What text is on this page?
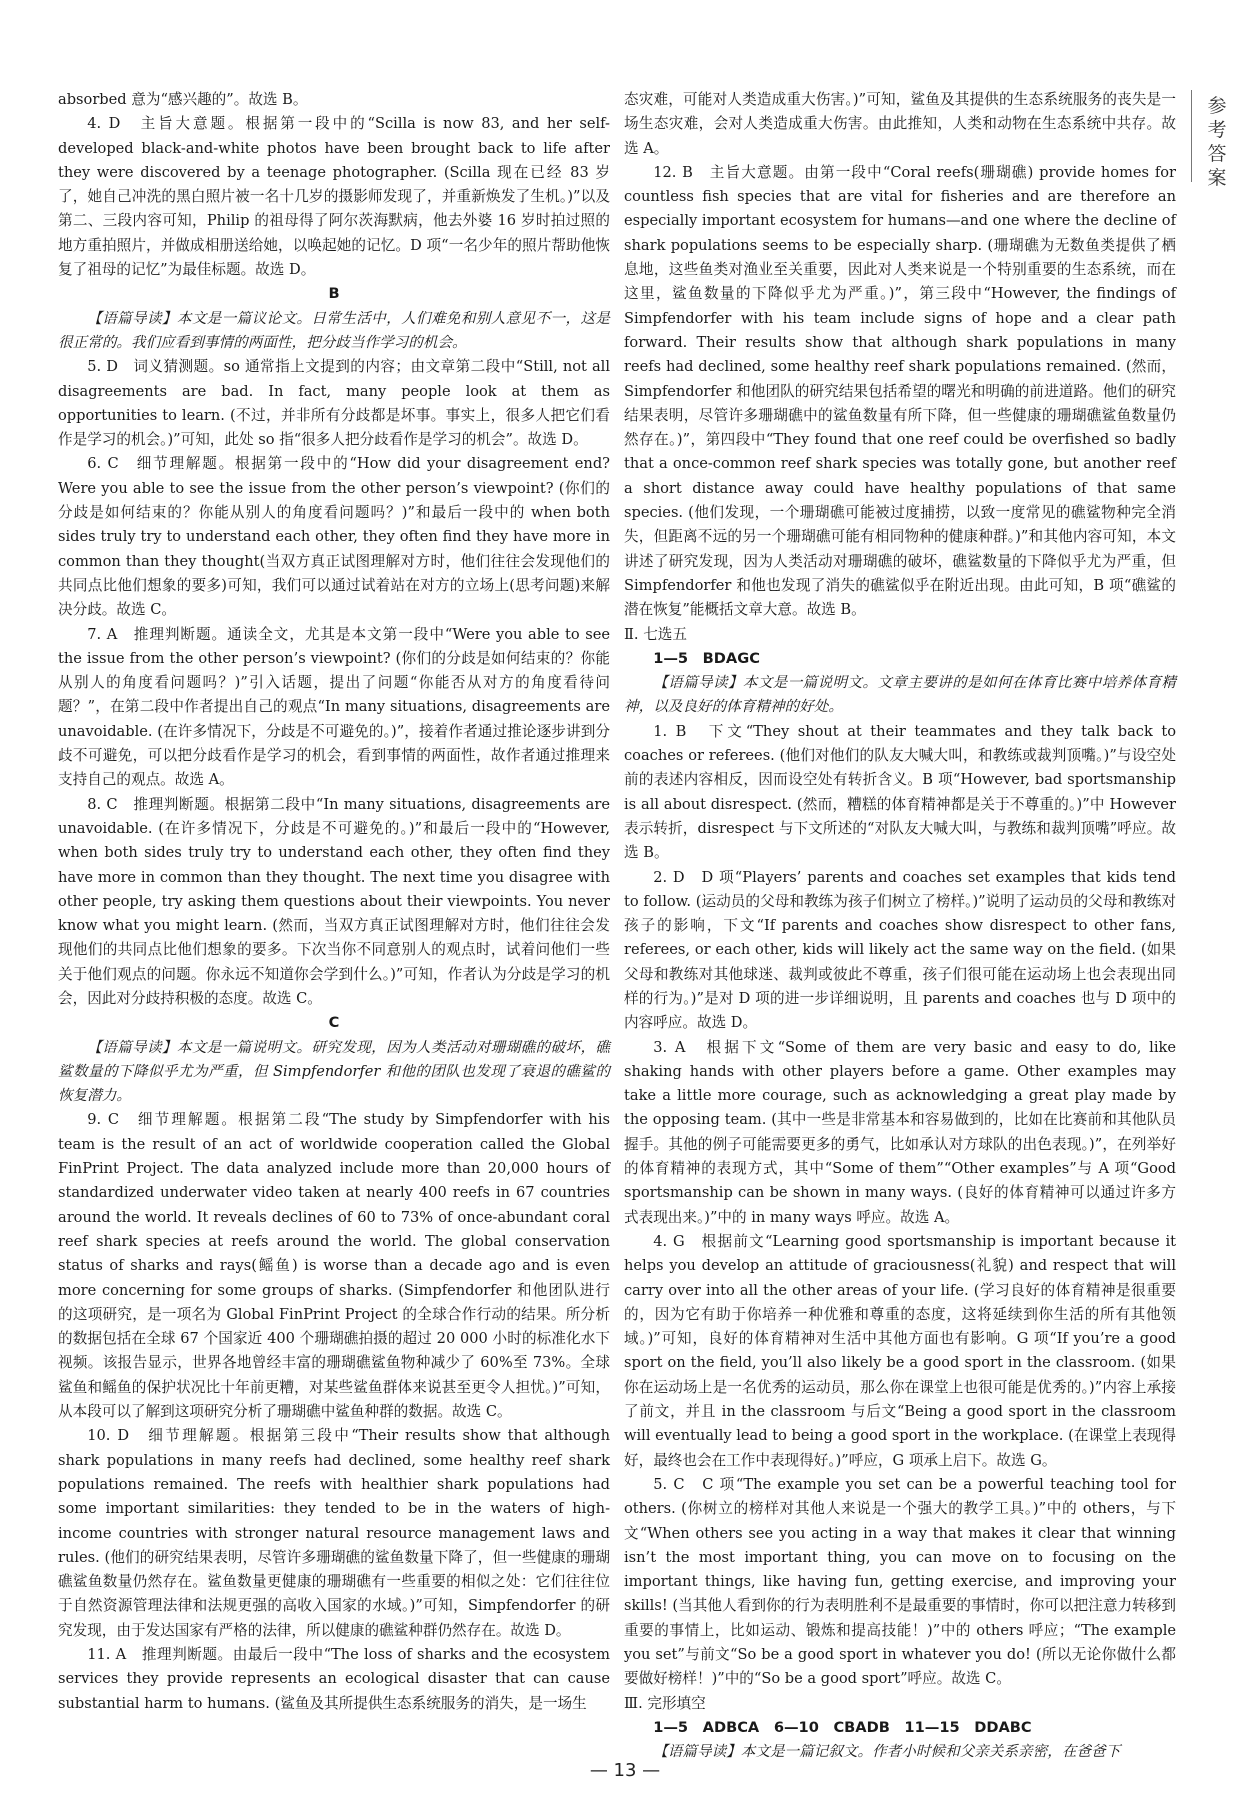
参考答案

absorbed 意为“感兴趣的”。故选 B。

4. D　主旨大意题。根据第一段中的“Scilla is now 83, and her self-developed black-and-white photos have been brought back to life after they were discovered by a teenage photographer. (Scilla 现在已经 83 岁了，她自己冲洗的黑白照片被一名十几岁的摄影师发现了，并重新焕发了生机。)”以及第二、三段内容可知，Philip 的祖母得了阿尔茨海默病，他去外婆 16 岁时拍过照的地方重拍照片，并做成相册送给她，以唤起她的记忆。D 项“一名少年的照片帮助他恢复了祖母的记忆”为最佳标题。故选 D。

B

【语篇导读】本文是一篇议论文。日常生活中，人们难免和别人意见不一，这是很正常的。我们应看到事情的两面性，把分歧当作学习的机会。

5. D　词义猜测题。so 通常指上文提到的内容；由文章第二段中“Still, not all disagreements are bad. In fact, many people look at them as opportunities to learn. (不过，并非所有分歧都是坏事。事实上，很多人把它们看作是学习的机会。)”可知，此处 so 指“很多人把分歧看作是学习的机会”。故选 D。

6. C　细节理解题。根据第一段中的“How did your disagreement end? Were you able to see the issue from the other person’s viewpoint? (你们的分歧是如何结束的？你能从别人的角度看问题吗？)”和最后一段中的 when both sides truly try to understand each other, they often find they have more in common than they thought(当双方真正试图理解对方时，他们往往会发现他们的共同点比他们想象的要多)可知，我们可以通过试着站在对方的立场上(思考问题)来解决分歧。故选 C。

7. A　推理判断题。通读全文，尤其是本文第一段中“Were you able to see the issue from the other person’s viewpoint? (你们的分歧是如何结束的？你能从别人的角度看问题吗？)”引入话题，提出了问题“你能否从对方的角度看待问题？”，在第二段中作者提出自己的观点“In many situations, disagreements are unavoidable. (在许多情况下，分歧是不可避免的。)”，接着作者通过推论逐步讲到分歧不可避免，可以把分歧看作是学习的机会，看到事情的两面性，故作者通过推理来支持自己的观点。故选 A。

8. C　推理判断题。根据第二段中“In many situations, disagreements are unavoidable. (在许多情况下，分歧是不可避免的。)”和最后一段中的“However, when both sides truly try to understand each other, they often find they have more in common than they thought. The next time you disagree with other people, try asking them questions about their viewpoints. You never know what you might learn. (然而，当双方真正试图理解对方时，他们往往会发现他们的共同点比他们想象的要多。下次当你不同意别人的观点时，试着问他们一些关于他们观点的问题。你永远不知道你会学到什么。)”可知，作者认为分歧是学习的机会，因此对分歧持积极的态度。故选 C。

C

【语篇导读】本文是一篇说明文。研究发现，因为人类活动对珊瑚礁的破坏，礁鲨数量的下降似乎尤为严重，但 Simpfendorfer 和他的团队也发现了衰退的礁鲨的恢复潜力。

9. C　细节理解题。根据第二段“The study by Simpfendorfer with his team is the result of an act of worldwide cooperation called the Global FinPrint Project. The data analyzed include more than 20,000 hours of standardized underwater video taken at nearly 400 reefs in 67 countries around the world. It reveals declines of 60 to 73% of once-abundant coral reef shark species at reefs around the world. The global conservation status of sharks and rays(鳐鱼) is worse than a decade ago and is even more concerning for some groups of sharks. (Simpfendorfer 和他团队进行的这项研究，是一项名为 Global FinPrint Project 的全球合作行动的结果。所分析的数据包括在全球 67 个国家近 400 个珊瑚礁拍摄的超过 20 000 小时的标准化水下视频。该报告显示，世界各地曾经丰富的珊瑚礁鲨鱼物种减少了 60%至 73%。全球鲨鱼和鳐鱼的保护状况比十年前更糟，对某些鲨鱼群体来说甚至更令人担忧。)”可知，从本段可以了解到这项研究分析了珊瑚礁中鲨鱼种群的数据。故选 C。

10. D　细节理解题。根据第三段中“Their results show that although shark populations in many reefs had declined, some healthy reef shark populations remained. The reefs with healthier shark populations had some important similarities: they tended to be in the waters of high-income countries with stronger natural resource management laws and rules. (他们的研究结果表明，尽管许多珊瑚礁的鲨鱼数量下降了，但一些健康的珊瑚礁鲨鱼数量仍然存在。鲨鱼数量更健康的珊瑚礁有一些重要的相似之处：它们往往位于自然资源管理法律和法规更强的高收入国家的水域。)”可知，Simpfendorfer 的研究发现，由于发达国家有严格的法律，所以健康的礁鲨种群仍然存在。故选 D。

11. A　推理判断题。由最后一段中“The loss of sharks and the ecosystem services they provide represents an ecological disaster that can cause substantial harm to humans. (鲨鱼及其所提供生态系统服务的消失，是一场生

态灾难，可能对人类造成重大伤害。)”可知，鲨鱼及其提供的生态系统服务的丧失是一场生态灾难，会对人类造成重大伤害。由此推知，人类和动物在生态系统中共存。故选 A。

12. B　主旨大意题。由第一段中“Coral reefs(珊瑚礁) provide homes for countless fish species that are vital for fisheries and are therefore an especially important ecosystem for humans—and one where the decline of shark populations seems to be especially sharp. (珊瑚礁为无数鱼类提供了栖息地，这些鱼类对渔业至关重要，因此对人类来说是一个特别重要的生态系统，而在这里，鲨鱼数量的下降似乎尤为严重。)”，第三段中“However, the findings of Simpfendorfer with his team include signs of hope and a clear path forward. Their results show that although shark populations in many reefs had declined, some healthy reef shark populations remained. (然而，Simpfendorfer 和他团队的研究结果包括希望的曙光和明确的前进道路。他们的研究结果表明，尽管许多珊瑚礁中的鲨鱼数量有所下降，但一些健康的珊瑚礁鲨鱼数量仍然存在。)”，第四段中“They found that one reef could be overfished so badly that a once-common reef shark species was totally gone, but another reef a short distance away could have healthy populations of that same species. (他们发现，一个珊瑚礁可能被过度捕捞，以致一度常见的礁鲨物种完全消失，但距离不远的另一个珊瑚礁可能有相同物种的健康种群。)”和其他内容可知，本文讲述了研究发现，因为人类活动对珊瑚礁的破坏，礁鲨数量的下降似乎尤为严重，但 Simpfendorfer 和他也发现了消失的礁鲨似乎在附近出现。由此可知，B 项“礁鲨的潜在恢复”能概括文章大意。故选 B。

Ⅱ. 七选五

1—5　BDAGC

【语篇导读】本文是一篇说明文。文章主要讲的是如何在体育比赛中培养体育精神，以及良好的体育精神的好处。

1. B　下文“They shout at their teammates and they talk back to coaches or referees. (他们对他们的队友大喊大叫，和教练或裁判顶嘴。)”与设空处前的表述内容相反，因而设空处有转折含义。B 项“However, bad sportsmanship is all about disrespect. (然而，糟糕的体育精神都是关于不尊重的。)”中 However 表示转折，disrespect 与下文所述的“对队友大喊大叫，与教练和裁判顶嘴”呼应。故选 B。

2. D　D 项“Players’ parents and coaches set examples that kids tend to follow. (运动员的父母和教练为孩子们树立了榜样。)”说明了运动员的父母和教练对孩子的影响，下文“If parents and coaches show disrespect to other fans, referees, or each other, kids will likely act the same way on the field. (如果父母和教练对其他球迷、裁判或彼此不尊重，孩子们很可能在运动场上也会表现出同样的行为。)”是对 D 项的进一步详细说明，且 parents and coaches 也与 D 项中的内容呼应。故选 D。

3. A　根据下文“Some of them are very basic and easy to do, like shaking hands with other players before a game. Other examples may take a little more courage, such as acknowledging a great play made by the opposing team. (其中一些是非常基本和容易做到的，比如在比赛前和其他队员握手。其他的例子可能需要更多的勇气，比如承认对方球队的出色表现。)”，在列举好的体育精神的表现方式，其中“Some of them”“Other examples”与 A 项“Good sportsmanship can be shown in many ways. (良好的体育精神可以通过许多方式表现出来。)”中的 in many ways 呼应。故选 A。

4. G　根据前文“Learning good sportsmanship is important because it helps you develop an attitude of graciousness(礼貌) and respect that will carry over into all the other areas of your life. (学习良好的体育精神是很重要的，因为它有助于你培养一种优雅和尊重的态度，这将延续到你生活的所有其他领域。)”可知，良好的体育精神对生活中其他方面也有影响。G 项“If you’re a good sport on the field, you’ll also likely be a good sport in the classroom. (如果你在运动场上是一名优秀的运动员，那么你在课堂上也很可能是优秀的。)”内容上承接了前文，并且 in the classroom 与后文“Being a good sport in the classroom will eventually lead to being a good sport in the workplace. (在课堂上表现得好，最终也会在工作中表现得好。)”呼应，G 项承上启下。故选 G。

5. C　C 项“The example you set can be a powerful teaching tool for others. (你树立的榜样对其他人来说是一个强大的教学工具。)”中的 others，与下文“When others see you acting in a way that makes it clear that winning isn’t the most important thing, you can move on to focusing on the important things, like having fun, getting exercise, and improving your skills! (当其他人看到你的行为表明胜利不是最重要的事情时，你可以把注意力转移到重要的事情上，比如运动、锻炼和提高技能！)”中的 others 呼应；“The example you set”与前文“So be a good sport in whatever you do! (所以无论你做什么都要做好榜样！)”中的“So be a good sport”呼应。故选 C。

Ⅲ. 完形填空

1—5　ADBCA　6—10　CBADB　11—15　DDABC

【语篇导读】本文是一篇记叙文。作者小时候和父亲关系亲密，在爸爸下

— 13 —
